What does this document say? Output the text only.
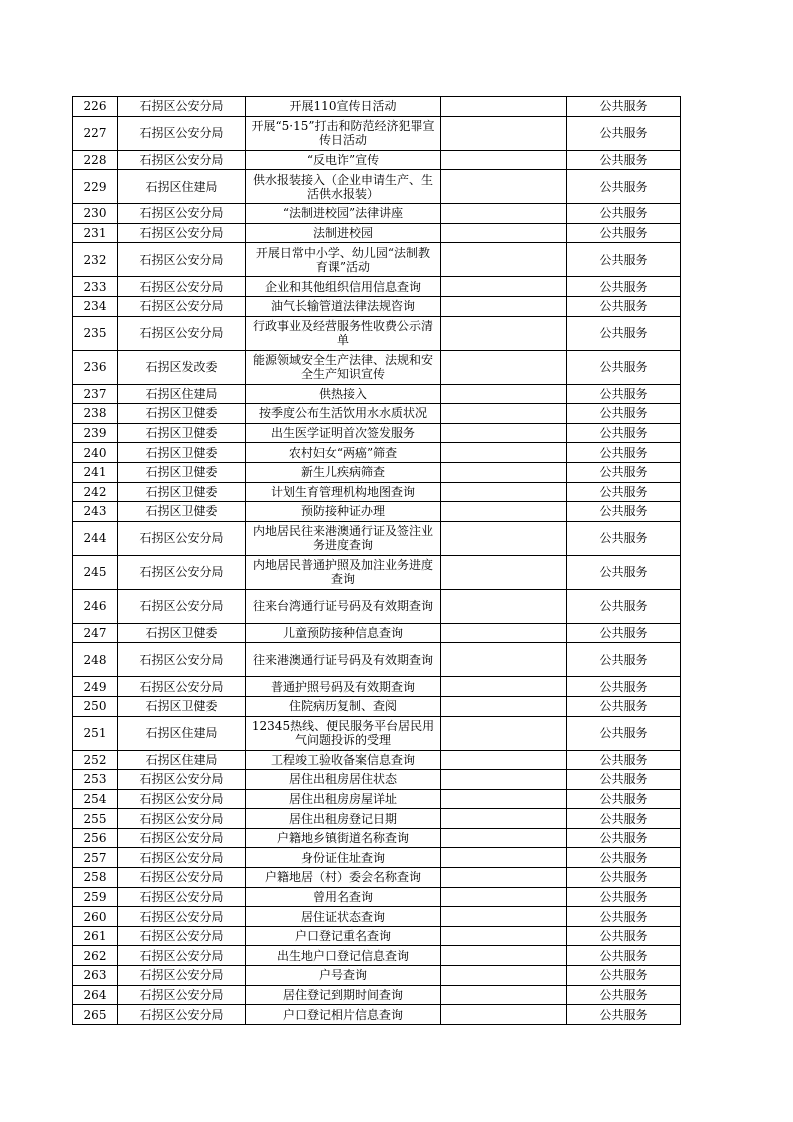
226	石拐区公安分局	开展110宣传日活动		公共服务
227	石拐区公安分局	开展“5·15”打击和防范经济犯罪宣传日活动		公共服务
228	石拐区公安分局	“反电诈”宣传		公共服务
229	石拐区住建局	供水报装接入（企业申请生产、生活供水报装）		公共服务
230	石拐区公安分局	“法制进校园”法律讲座		公共服务
231	石拐区公安分局	法制进校园		公共服务
232	石拐区公安分局	开展日常中小学、幼儿园“法制教育课”活动		公共服务
233	石拐区公安分局	企业和其他组织信用信息查询		公共服务
234	石拐区公安分局	油气长输管道法律法规咨询		公共服务
235	石拐区公安分局	行政事业及经营服务性收费公示清单		公共服务
236	石拐区发改委	能源领域安全生产法律、法规和安全生产知识宣传		公共服务
237	石拐区住建局	供热接入		公共服务
238	石拐区卫健委	按季度公布生活饮用水水质状况		公共服务
239	石拐区卫健委	出生医学证明首次签发服务		公共服务
240	石拐区卫健委	农村妇女“两癌”筛查		公共服务
241	石拐区卫健委	新生儿疾病筛查		公共服务
242	石拐区卫健委	计划生育管理机构地图查询		公共服务
243	石拐区卫健委	预防接种证办理		公共服务
244	石拐区公安分局	内地居民往来港澳通行证及签注业务进度查询		公共服务
245	石拐区公安分局	内地居民普通护照及加注业务进度查询		公共服务
246	石拐区公安分局	往来台湾通行证号码及有效期查询		公共服务
247	石拐区卫健委	儿童预防接种信息查询		公共服务
248	石拐区公安分局	往来港澳通行证号码及有效期查询		公共服务
249	石拐区公安分局	普通护照号码及有效期查询		公共服务
250	石拐区卫健委	住院病历复制、查阅		公共服务
251	石拐区住建局	12345热线、便民服务平台居民用气问题投诉的受理		公共服务
252	石拐区住建局	工程竣工验收备案信息查询		公共服务
253	石拐区公安分局	居住出租房居住状态		公共服务
254	石拐区公安分局	居住出租房房屋详址		公共服务
255	石拐区公安分局	居住出租房登记日期		公共服务
256	石拐区公安分局	户籍地乡镇街道名称查询		公共服务
257	石拐区公安分局	身份证住址查询		公共服务
258	石拐区公安分局	户籍地居（村）委会名称查询		公共服务
259	石拐区公安分局	曾用名查询		公共服务
260	石拐区公安分局	居住证状态查询		公共服务
261	石拐区公安分局	户口登记重名查询		公共服务
262	石拐区公安分局	出生地户口登记信息查询		公共服务
263	石拐区公安分局	户号查询		公共服务
264	石拐区公安分局	居住登记到期时间查询		公共服务
265	石拐区公安分局	户口登记相片信息查询		公共服务
